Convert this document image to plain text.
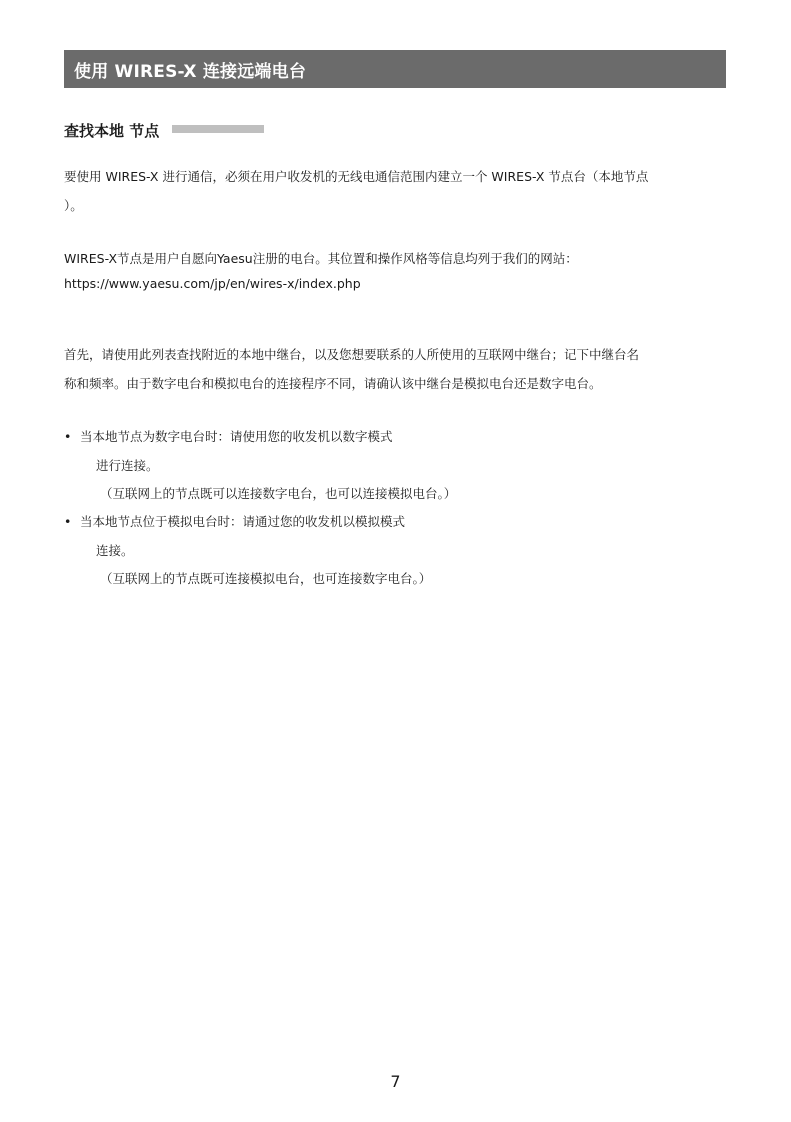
使用 WIRES-X 连接远端电台
查找本地 节点

要使用 WIRES-X 进行通信，必须在用户收发机的无线电通信范围内建立一个 WIRES-X 节点台（本地节点
）。

WIRES-X节点是用户自愿向Yaesu注册的电台。其位置和操作风格等信息均列于我们的网站：
https://www.yaesu.com/jp/en/wires-x/index.php

首先，请使用此列表查找附近的本地中继台，以及您想要联系的人所使用的互联网中继台；记下中继台名
称和频率。由于数字电台和模拟电台的连接程序不同，请确认该中继台是模拟电台还是数字电台。

• 当本地节点为数字电台时：请使用您的收发机以数字模式
进行连接。
（互联网上的节点既可以连接数字电台，也可以连接模拟电台。）
• 当本地节点位于模拟电台时：请通过您的收发机以模拟模式
连接。
（互联网上的节点既可连接模拟电台，也可连接数字电台。）
7
